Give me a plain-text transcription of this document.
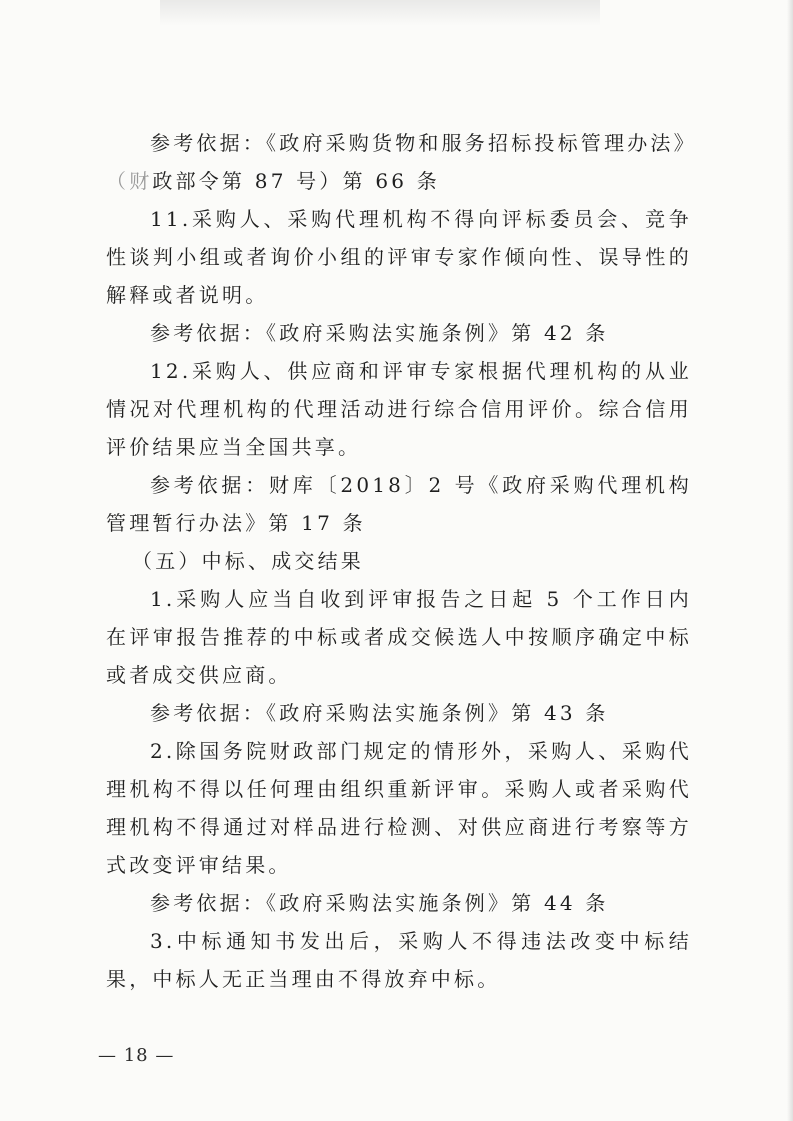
参考依据：《政府采购货物和服务招标投标管理办法》（财政部令第 87 号）第 66 条

11.采购人、采购代理机构不得向评标委员会、竞争性谈判小组或者询价小组的评审专家作倾向性、误导性的解释或者说明。

参考依据：《政府采购法实施条例》第 42 条

12.采购人、供应商和评审专家根据代理机构的从业情况对代理机构的代理活动进行综合信用评价。综合信用评价结果应当全国共享。

参考依据：财库〔2018〕2 号《政府采购代理机构管理暂行办法》第 17 条

（五）中标、成交结果

1.采购人应当自收到评审报告之日起 5 个工作日内在评审报告推荐的中标或者成交候选人中按顺序确定中标或者成交供应商。

参考依据：《政府采购法实施条例》第 43 条

2.除国务院财政部门规定的情形外，采购人、采购代理机构不得以任何理由组织重新评审。采购人或者采购代理机构不得通过对样品进行检测、对供应商进行考察等方式改变评审结果。

参考依据：《政府采购法实施条例》第 44 条

3.中标通知书发出后，采购人不得违法改变中标结果，中标人无正当理由不得放弃中标。

— 18 —
